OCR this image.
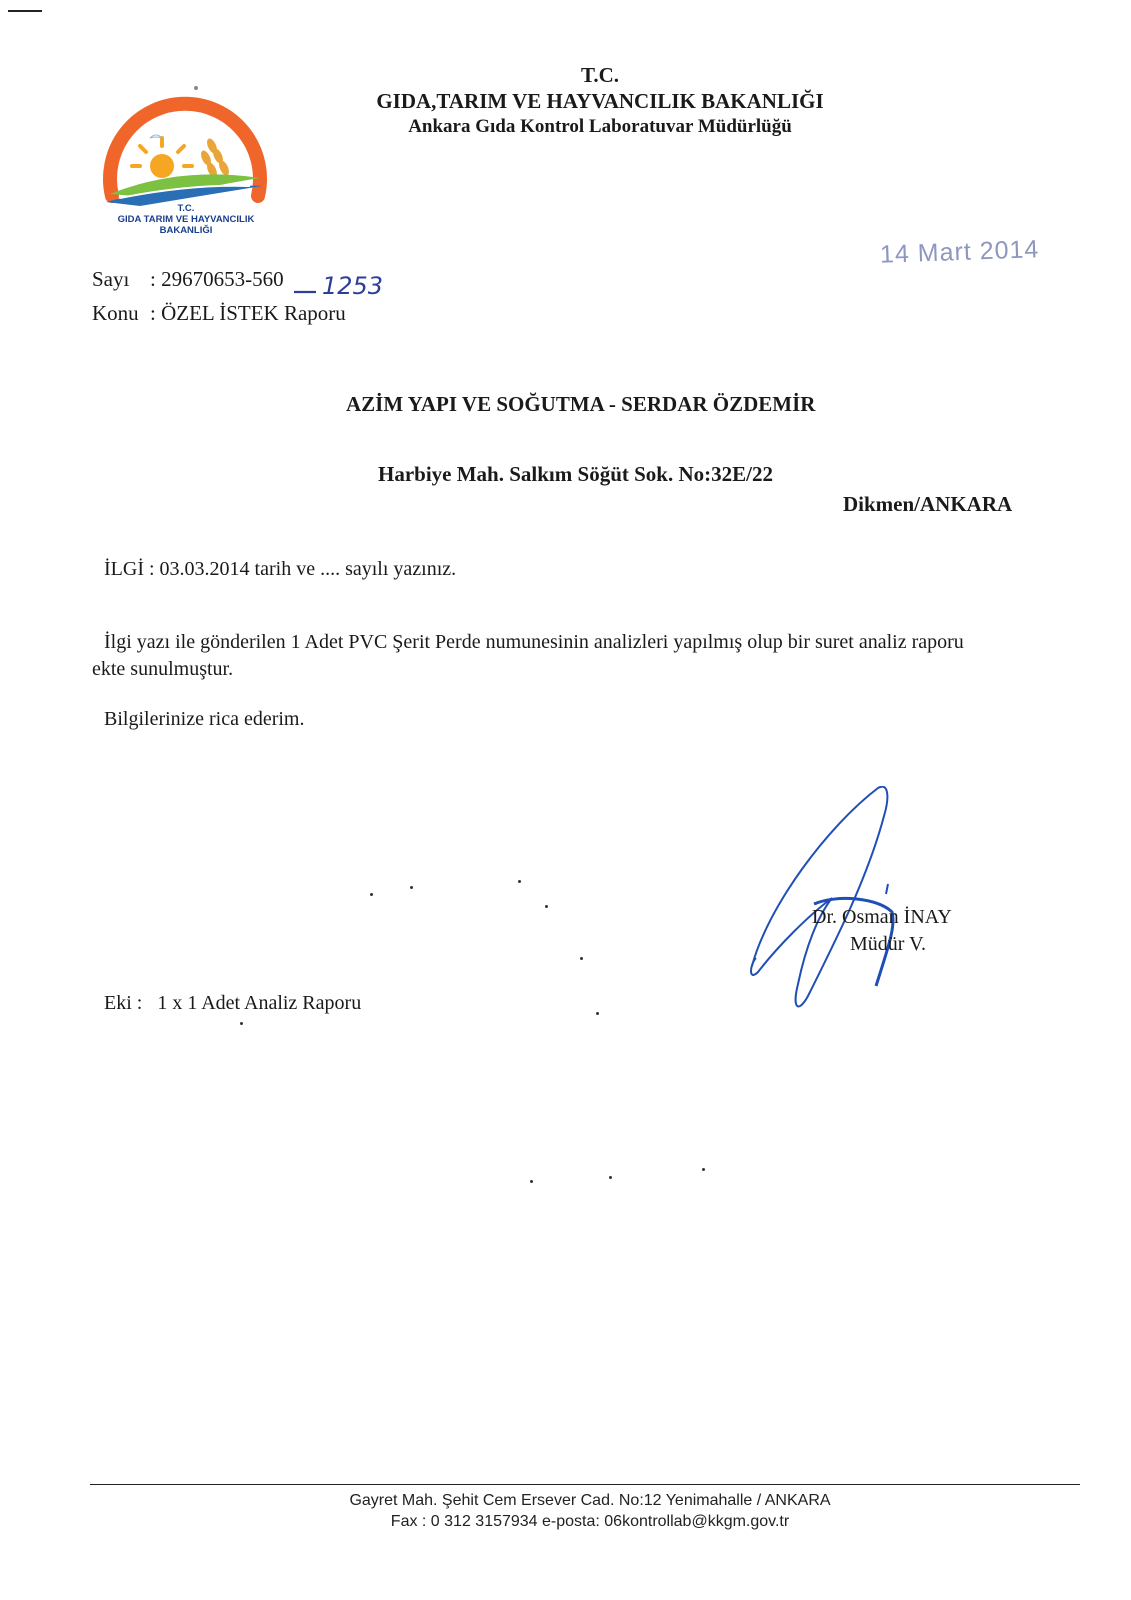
T.C.
GIDA,TARIM VE HAYVANCILIK BAKANLIĞI
Ankara Gıda Kontrol Laboratuvar Müdürlüğü
T.C.
GIDA TARIM VE HAYVANCILIK
BAKANLIĞI
14 Mart 2014
Sayı : 29670653-560 1253
Konu : ÖZEL İSTEK Raporu
AZİM YAPI VE SOĞUTMA - SERDAR ÖZDEMİR
Harbiye Mah. Salkım Söğüt Sok. No:32E/22
Dikmen/ANKARA
İLGİ : 03.03.2014 tarih ve .... sayılı yazınız.
İlgi yazı ile gönderilen 1 Adet PVC Şerit Perde numunesinin analizleri yapılmış olup bir suret analiz raporu
ekte sunulmuştur.
Bilgilerinize rica ederim.
Dr. Osman İNAY
Müdür V.
Eki :   1 x 1 Adet Analiz Raporu
Gayret Mah. Şehit Cem Ersever Cad. No:12 Yenimahalle / ANKARA
Fax : 0 312 3157934 e-posta: 06kontrollab@kkgm.gov.tr
